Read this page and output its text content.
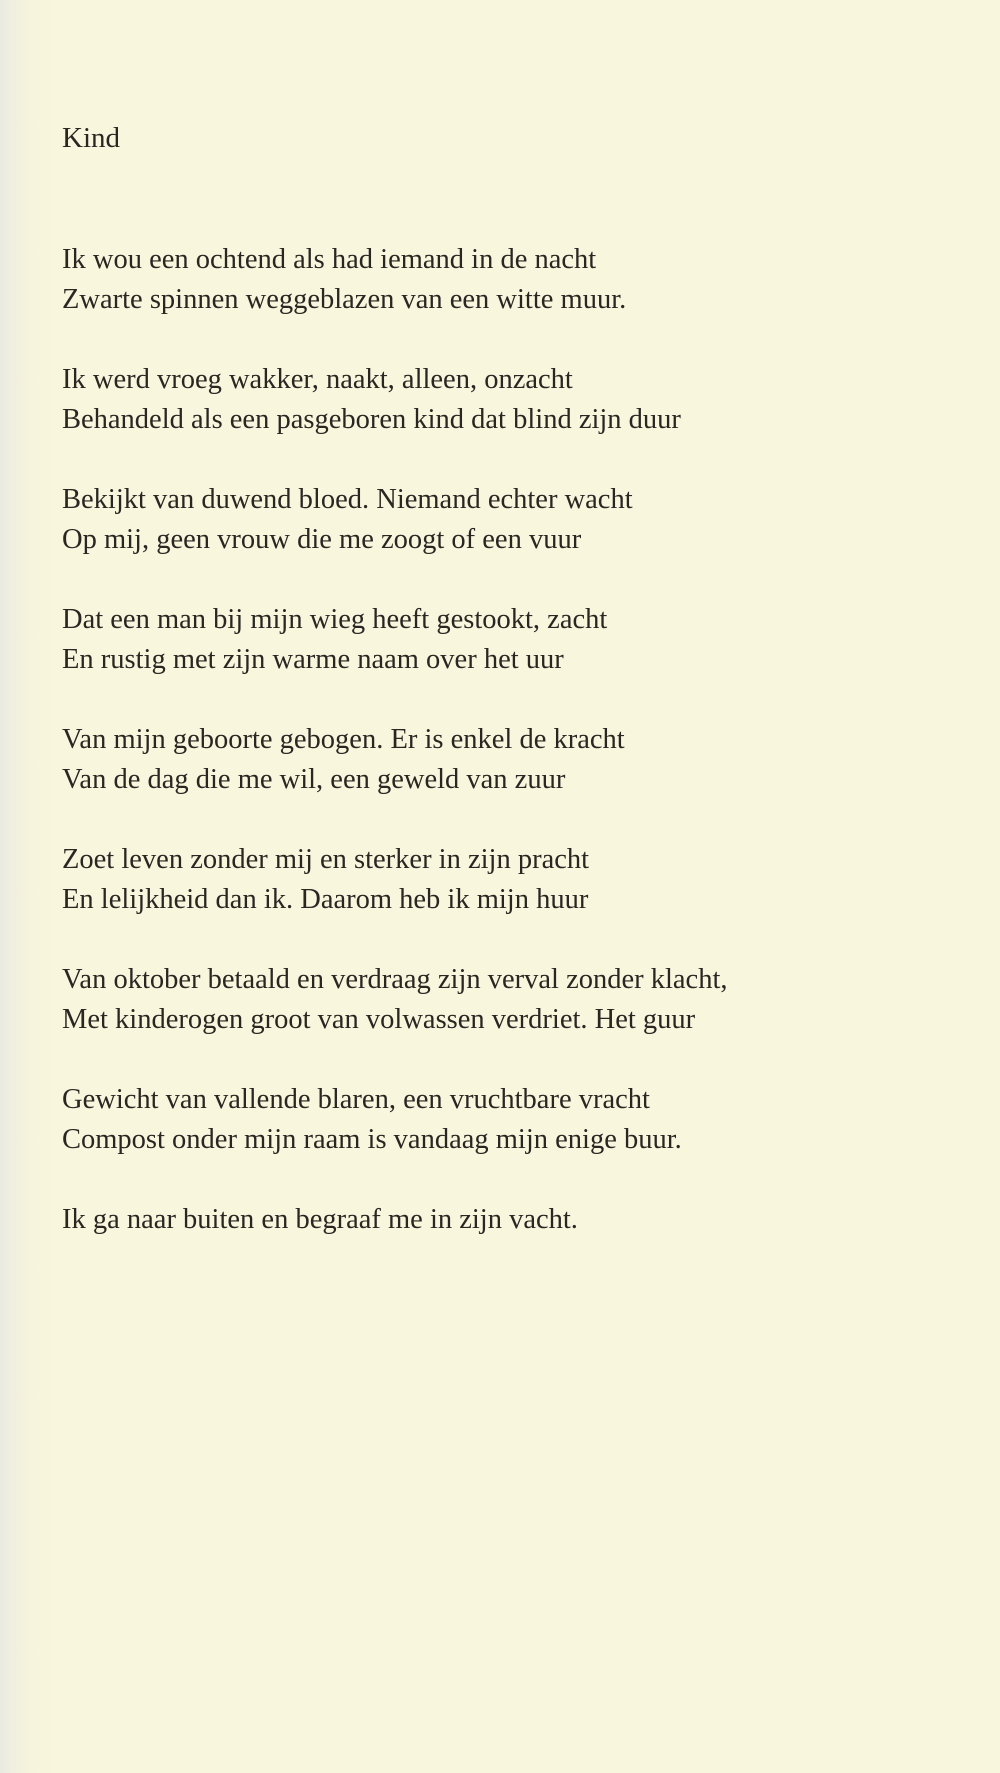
Kind
Ik wou een ochtend als had iemand in de nacht
Zwarte spinnen weggeblazen van een witte muur.
Ik werd vroeg wakker, naakt, alleen, onzacht
Behandeld als een pasgeboren kind dat blind zijn duur
Bekijkt van duwend bloed. Niemand echter wacht
Op mij, geen vrouw die me zoogt of een vuur
Dat een man bij mijn wieg heeft gestookt, zacht
En rustig met zijn warme naam over het uur
Van mijn geboorte gebogen. Er is enkel de kracht
Van de dag die me wil, een geweld van zuur
Zoet leven zonder mij en sterker in zijn pracht
En lelijkheid dan ik. Daarom heb ik mijn huur
Van oktober betaald en verdraag zijn verval zonder klacht,
Met kinderogen groot van volwassen verdriet. Het guur
Gewicht van vallende blaren, een vruchtbare vracht
Compost onder mijn raam is vandaag mijn enige buur.
Ik ga naar buiten en begraaf me in zijn vacht.
